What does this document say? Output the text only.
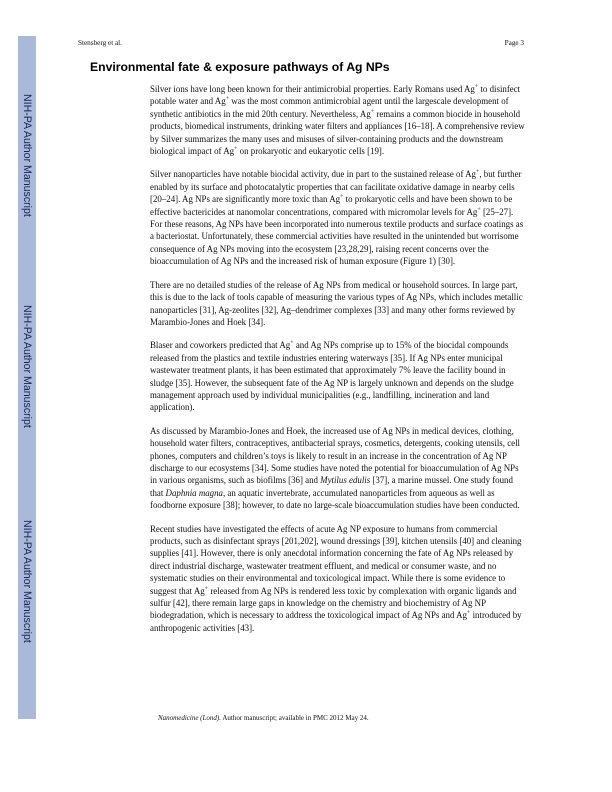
NIH-PA Author Manuscript
NIH-PA Author Manuscript
NIH-PA Author Manuscript
Stensberg et al.	Page 3
Environmental fate & exposure pathways of Ag NPs

Silver ions have long been known for their antimicrobial properties. Early Romans used Ag+ to disinfect potable water and Ag+ was the most common antimicrobial agent until the largescale development of synthetic antibiotics in the mid 20th century. Nevertheless, Ag+ remains a common biocide in household products, biomedical instruments, drinking water filters and appliances [16–18]. A comprehensive review by Silver summarizes the many uses and misuses of silver-containing products and the downstream biological impact of Ag+ on prokaryotic and eukaryotic cells [19].

Silver nanoparticles have notable biocidal activity, due in part to the sustained release of Ag+, but further enabled by its surface and photocatalytic properties that can facilitate oxidative damage in nearby cells [20–24]. Ag NPs are significantly more toxic than Ag+ to prokaryotic cells and have been shown to be effective bactericides at nanomolar concentrations, compared with micromolar levels for Ag+ [25–27]. For these reasons, Ag NPs have been incorporated into numerous textile products and surface coatings as a bacteriostat. Unfortunately, these commercial activities have resulted in the unintended but worrisome consequence of Ag NPs moving into the ecosystem [23,28,29], raising recent concerns over the bioaccumulation of Ag NPs and the increased risk of human exposure (Figure 1) [30].

There are no detailed studies of the release of Ag NPs from medical or household sources. In large part, this is due to the lack of tools capable of measuring the various types of Ag NPs, which includes metallic nanoparticles [31], Ag-zeolites [32], Ag–dendrimer complexes [33] and many other forms reviewed by Marambio-Jones and Hoek [34].

Blaser and coworkers predicted that Ag+ and Ag NPs comprise up to 15% of the biocidal compounds released from the plastics and textile industries entering waterways [35]. If Ag NPs enter municipal wastewater treatment plants, it has been estimated that approximately 7% leave the facility bound in sludge [35]. However, the subsequent fate of the Ag NP is largely unknown and depends on the sludge management approach used by individual municipalities (e.g., landfilling, incineration and land application).

As discussed by Marambio-Jones and Hoek, the increased use of Ag NPs in medical devices, clothing, household water filters, contraceptives, antibacterial sprays, cosmetics, detergents, cooking utensils, cell phones, computers and children’s toys is likely to result in an increase in the concentration of Ag NP discharge to our ecosystems [34]. Some studies have noted the potential for bioaccumulation of Ag NPs in various organisms, such as biofilms [36] and Mytilus edulis [37], a marine mussel. One study found that Daphnia magna, an aquatic invertebrate, accumulated nanoparticles from aqueous as well as foodborne exposure [38]; however, to date no large-scale bioaccumulation studies have been conducted.

Recent studies have investigated the effects of acute Ag NP exposure to humans from commercial products, such as disinfectant sprays [201,202], wound dressings [39], kitchen utensils [40] and cleaning supplies [41]. However, there is only anecdotal information concerning the fate of Ag NPs released by direct industrial discharge, wastewater treatment effluent, and medical or consumer waste, and no systematic studies on their environmental and toxicological impact. While there is some evidence to suggest that Ag+ released from Ag NPs is rendered less toxic by complexation with organic ligands and sulfur [42], there remain large gaps in knowledge on the chemistry and biochemistry of Ag NP biodegradation, which is necessary to address the toxicological impact of Ag NPs and Ag+ introduced by anthropogenic activities [43].

Nanomedicine (Lond). Author manuscript; available in PMC 2012 May 24.
